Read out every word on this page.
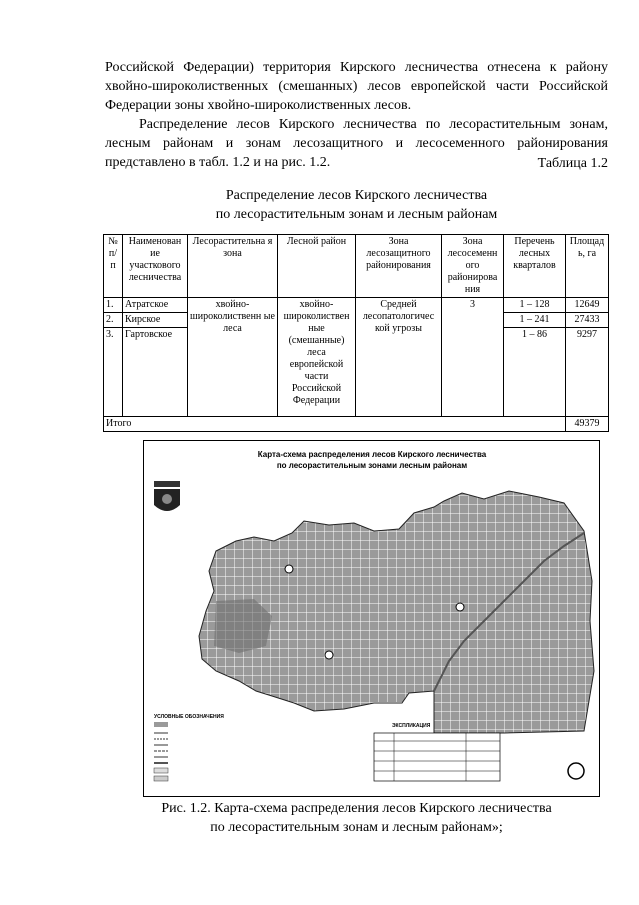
Российской Федерации) территория Кирского лесничества отнесена к району хвойно-широколиственных (смешанных) лесов европейской части Российской Федерации зоны хвойно-широколиственных лесов.

Распределение лесов Кирского лесничества по лесорастительным зонам, лесным районам и зонам лесозащитного и лесосеменного районирования представлено в табл. 1.2 и на рис. 1.2.	Таблица 1.2
Распределение лесов Кирского лесничества
по лесорастительным зонам и лесным районам
№ п/ п	Наименован ие участкового лесничества	Лесорастительна я зона	Лесной район	Зона лесозащитного районирования	Зона лесосеменн ого районирова ния	Перечень лесных кварталов	Площад ь, га
1.	Атратское	хвойно-широколиственн ые леса	хвойно-широколиствен ные (смешанные) леса европейской части Российской Федерации	Средней лесопатологичес кой угрозы	3	1 – 128	12649
2.	Кирское					1 – 241	27433
3.	Гартовское					1 – 86	9297
Итого							49379
Карта-схема распределения лесов Кирского лесничества
по лесорастительным зонами лесным районам
УСЛОВНЫЕ ОБОЗНАЧЕНИЯ
ЭКСПЛИКАЦИЯ
Рис. 1.2. Карта-схема распределения лесов Кирского лесничества
по лесорастительным зонам и лесным районам»;
